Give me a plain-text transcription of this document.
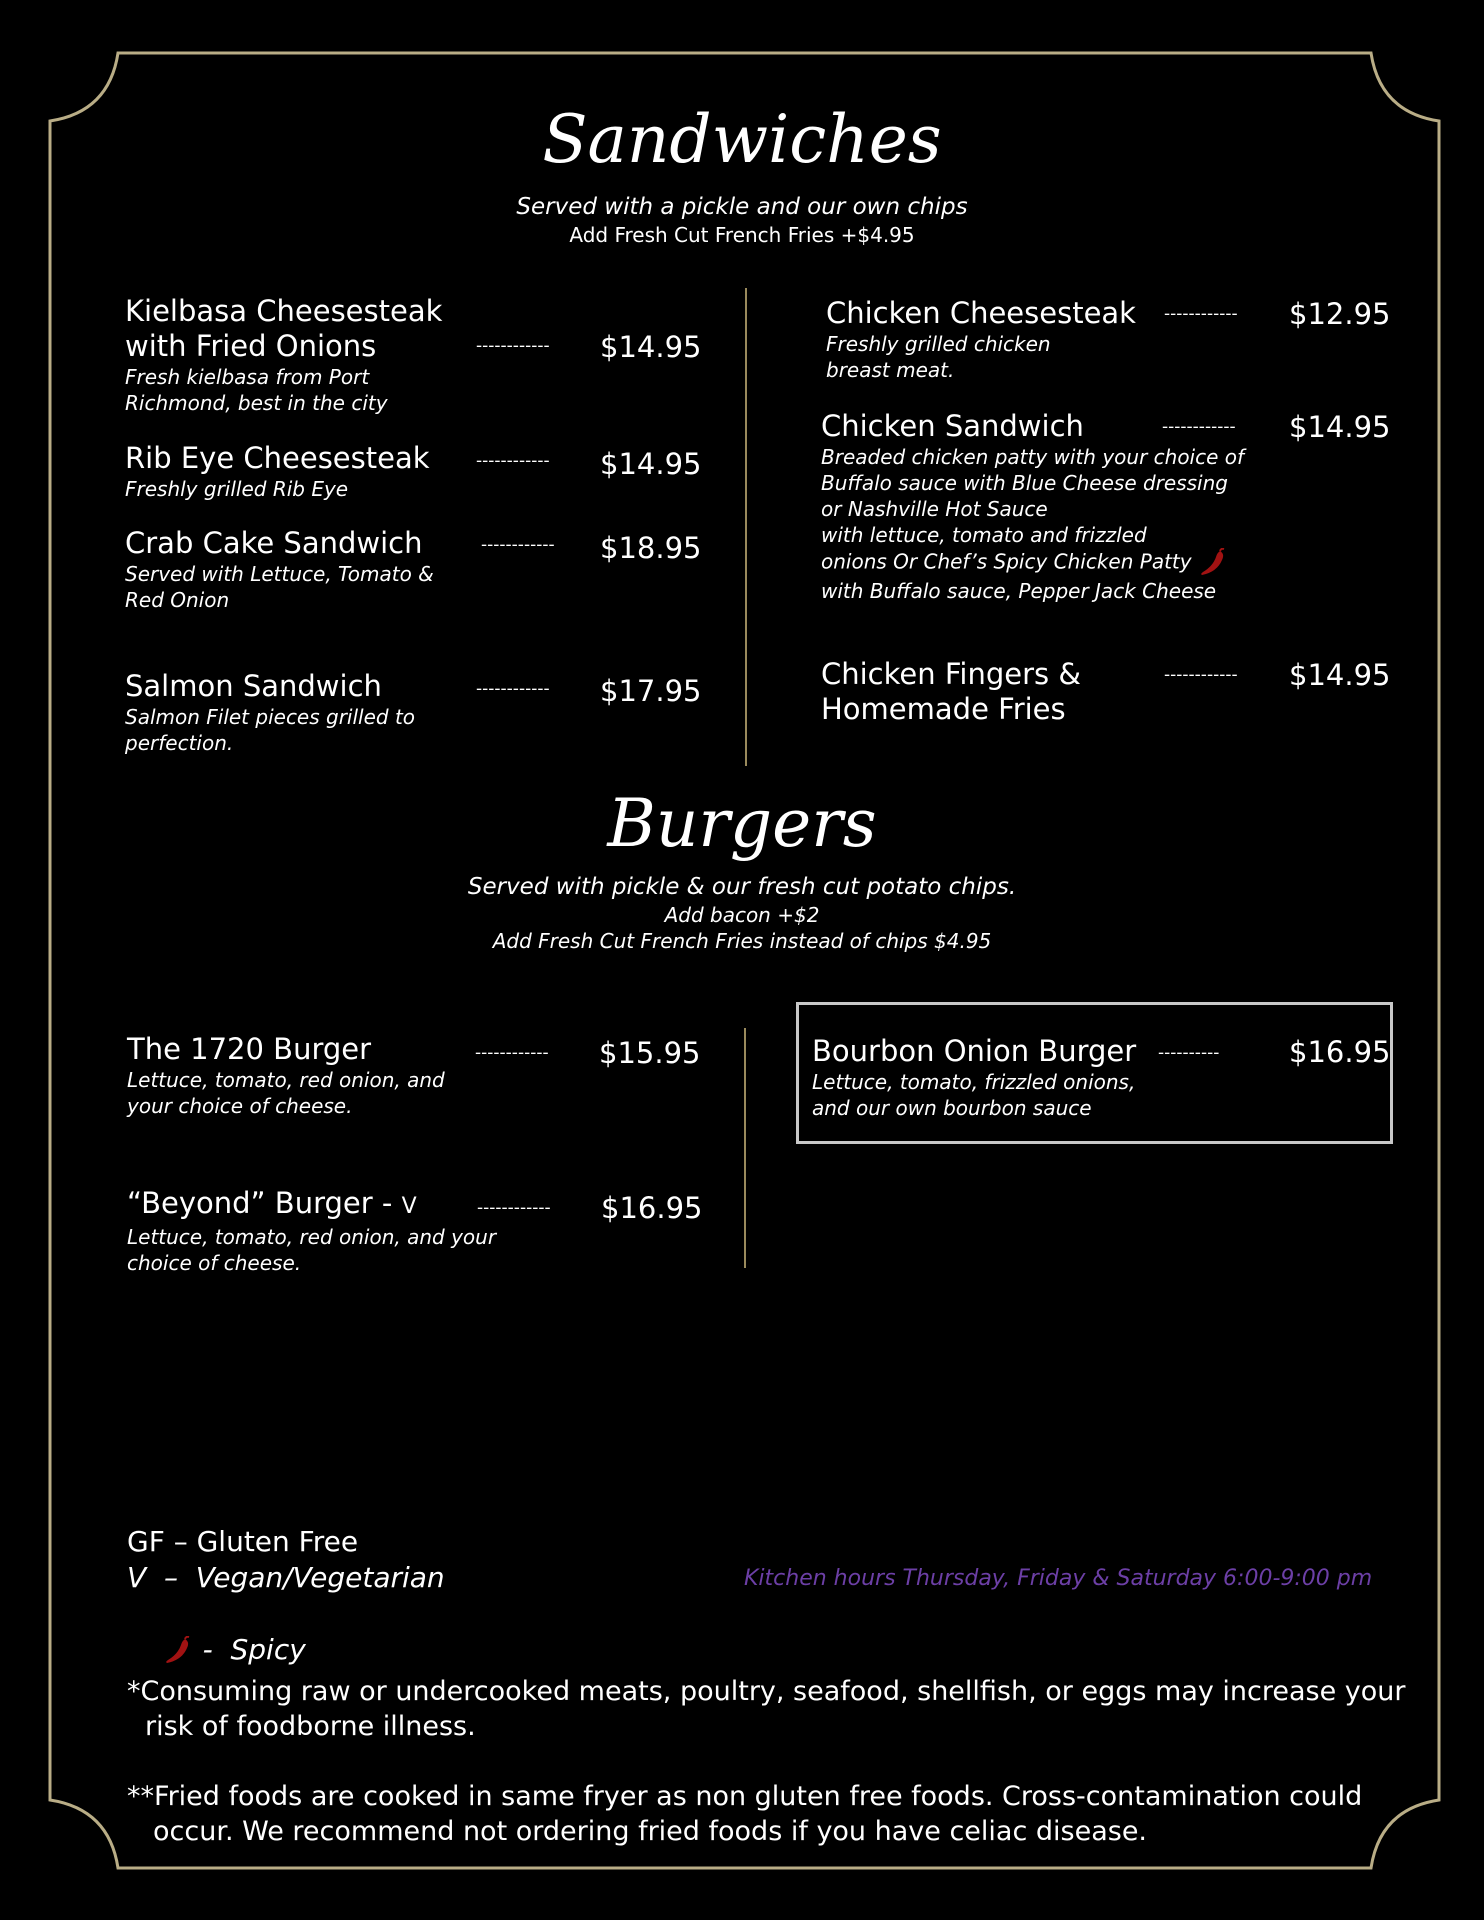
Sandwiches
Served with a pickle and our own chips
Add Fresh Cut French Fries +$4.95
Kielbasa Cheesesteak
with Fried Onions
Fresh kielbasa from Port
Richmond, best in the city
------------ $14.95
Rib Eye Cheesesteak
Freshly grilled Rib Eye
------------ $14.95
Crab Cake Sandwich
Served with Lettuce, Tomato &
Red Onion
------------ $18.95
Salmon Sandwich
Salmon Filet pieces grilled to
perfection.
------------ $17.95
Chicken Cheesesteak
Freshly grilled chicken
breast meat.
------------ $12.95
Chicken Sandwich
Breaded chicken patty with your choice of
Buffalo sauce with Blue Cheese dressing
or Nashville Hot Sauce
with lettuce, tomato and frizzled
onions Or Chef’s Spicy Chicken Patty
with Buffalo sauce, Pepper Jack Cheese
------------ $14.95
Chicken Fingers &
Homemade Fries
------------ $14.95
Burgers
Served with pickle & our fresh cut potato chips.
Add bacon +$2
Add Fresh Cut French Fries instead of chips $4.95
The 1720 Burger
Lettuce, tomato, red onion, and
your choice of cheese.
------------ $15.95
“Beyond” Burger - V
Lettuce, tomato, red onion, and your
choice of cheese.
------------ $16.95
Bourbon Onion Burger
Lettuce, tomato, frizzled onions,
and our own bourbon sauce
---------- $16.95
GF – Gluten Free
V  –  Vegan/Vegetarian

-  Spicy

Kitchen hours Thursday, Friday & Saturday 6:00-9:00 pm
*Consuming raw or undercooked meats, poultry, seafood, shellfish, or eggs may increase your
risk of foodborne illness.
**Fried foods are cooked in same fryer as non gluten free foods. Cross-contamination could
occur. We recommend not ordering fried foods if you have celiac disease.
